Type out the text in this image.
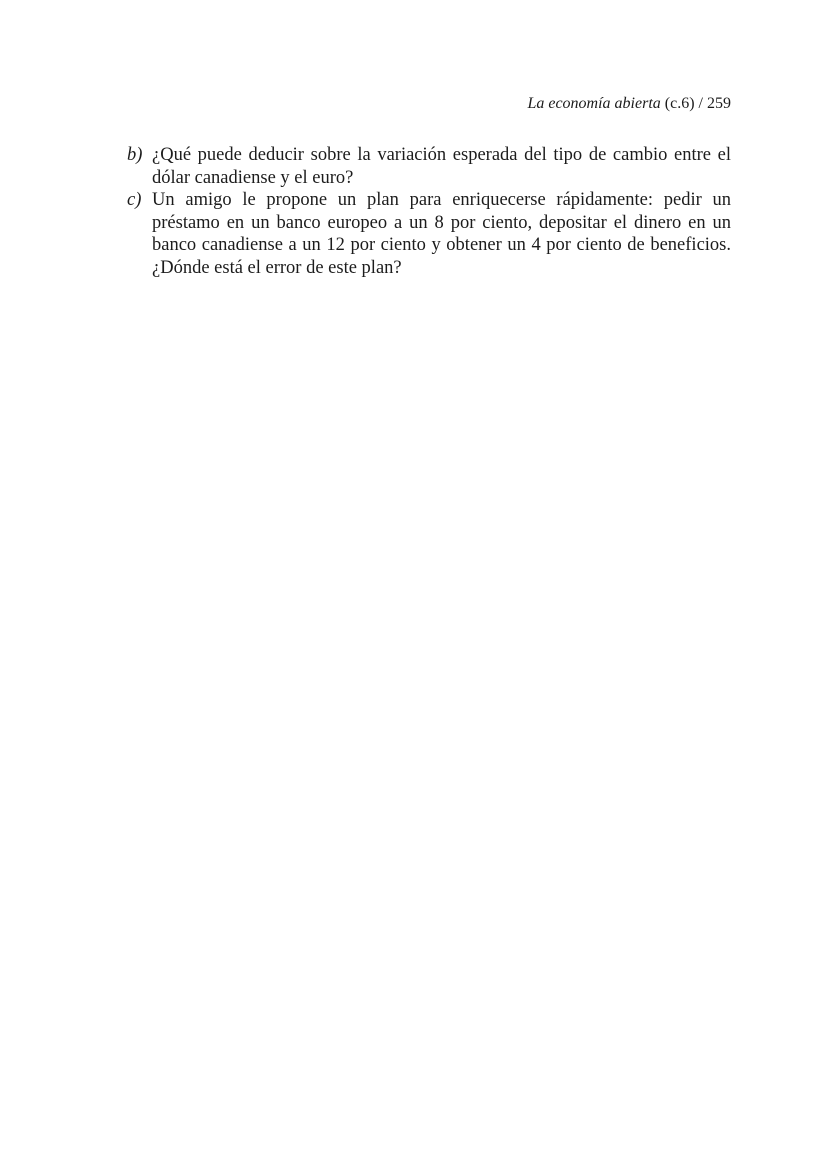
La economía abierta (c.6) / 259
b) ¿Qué puede deducir sobre la variación esperada del tipo de cambio entre el dólar canadiense y el euro?
c) Un amigo le propone un plan para enriquecerse rápidamente: pedir un préstamo en un banco europeo a un 8 por ciento, depositar el dinero en un banco canadiense a un 12 por ciento y obtener un 4 por ciento de beneficios. ¿Dónde está el error de este plan?
